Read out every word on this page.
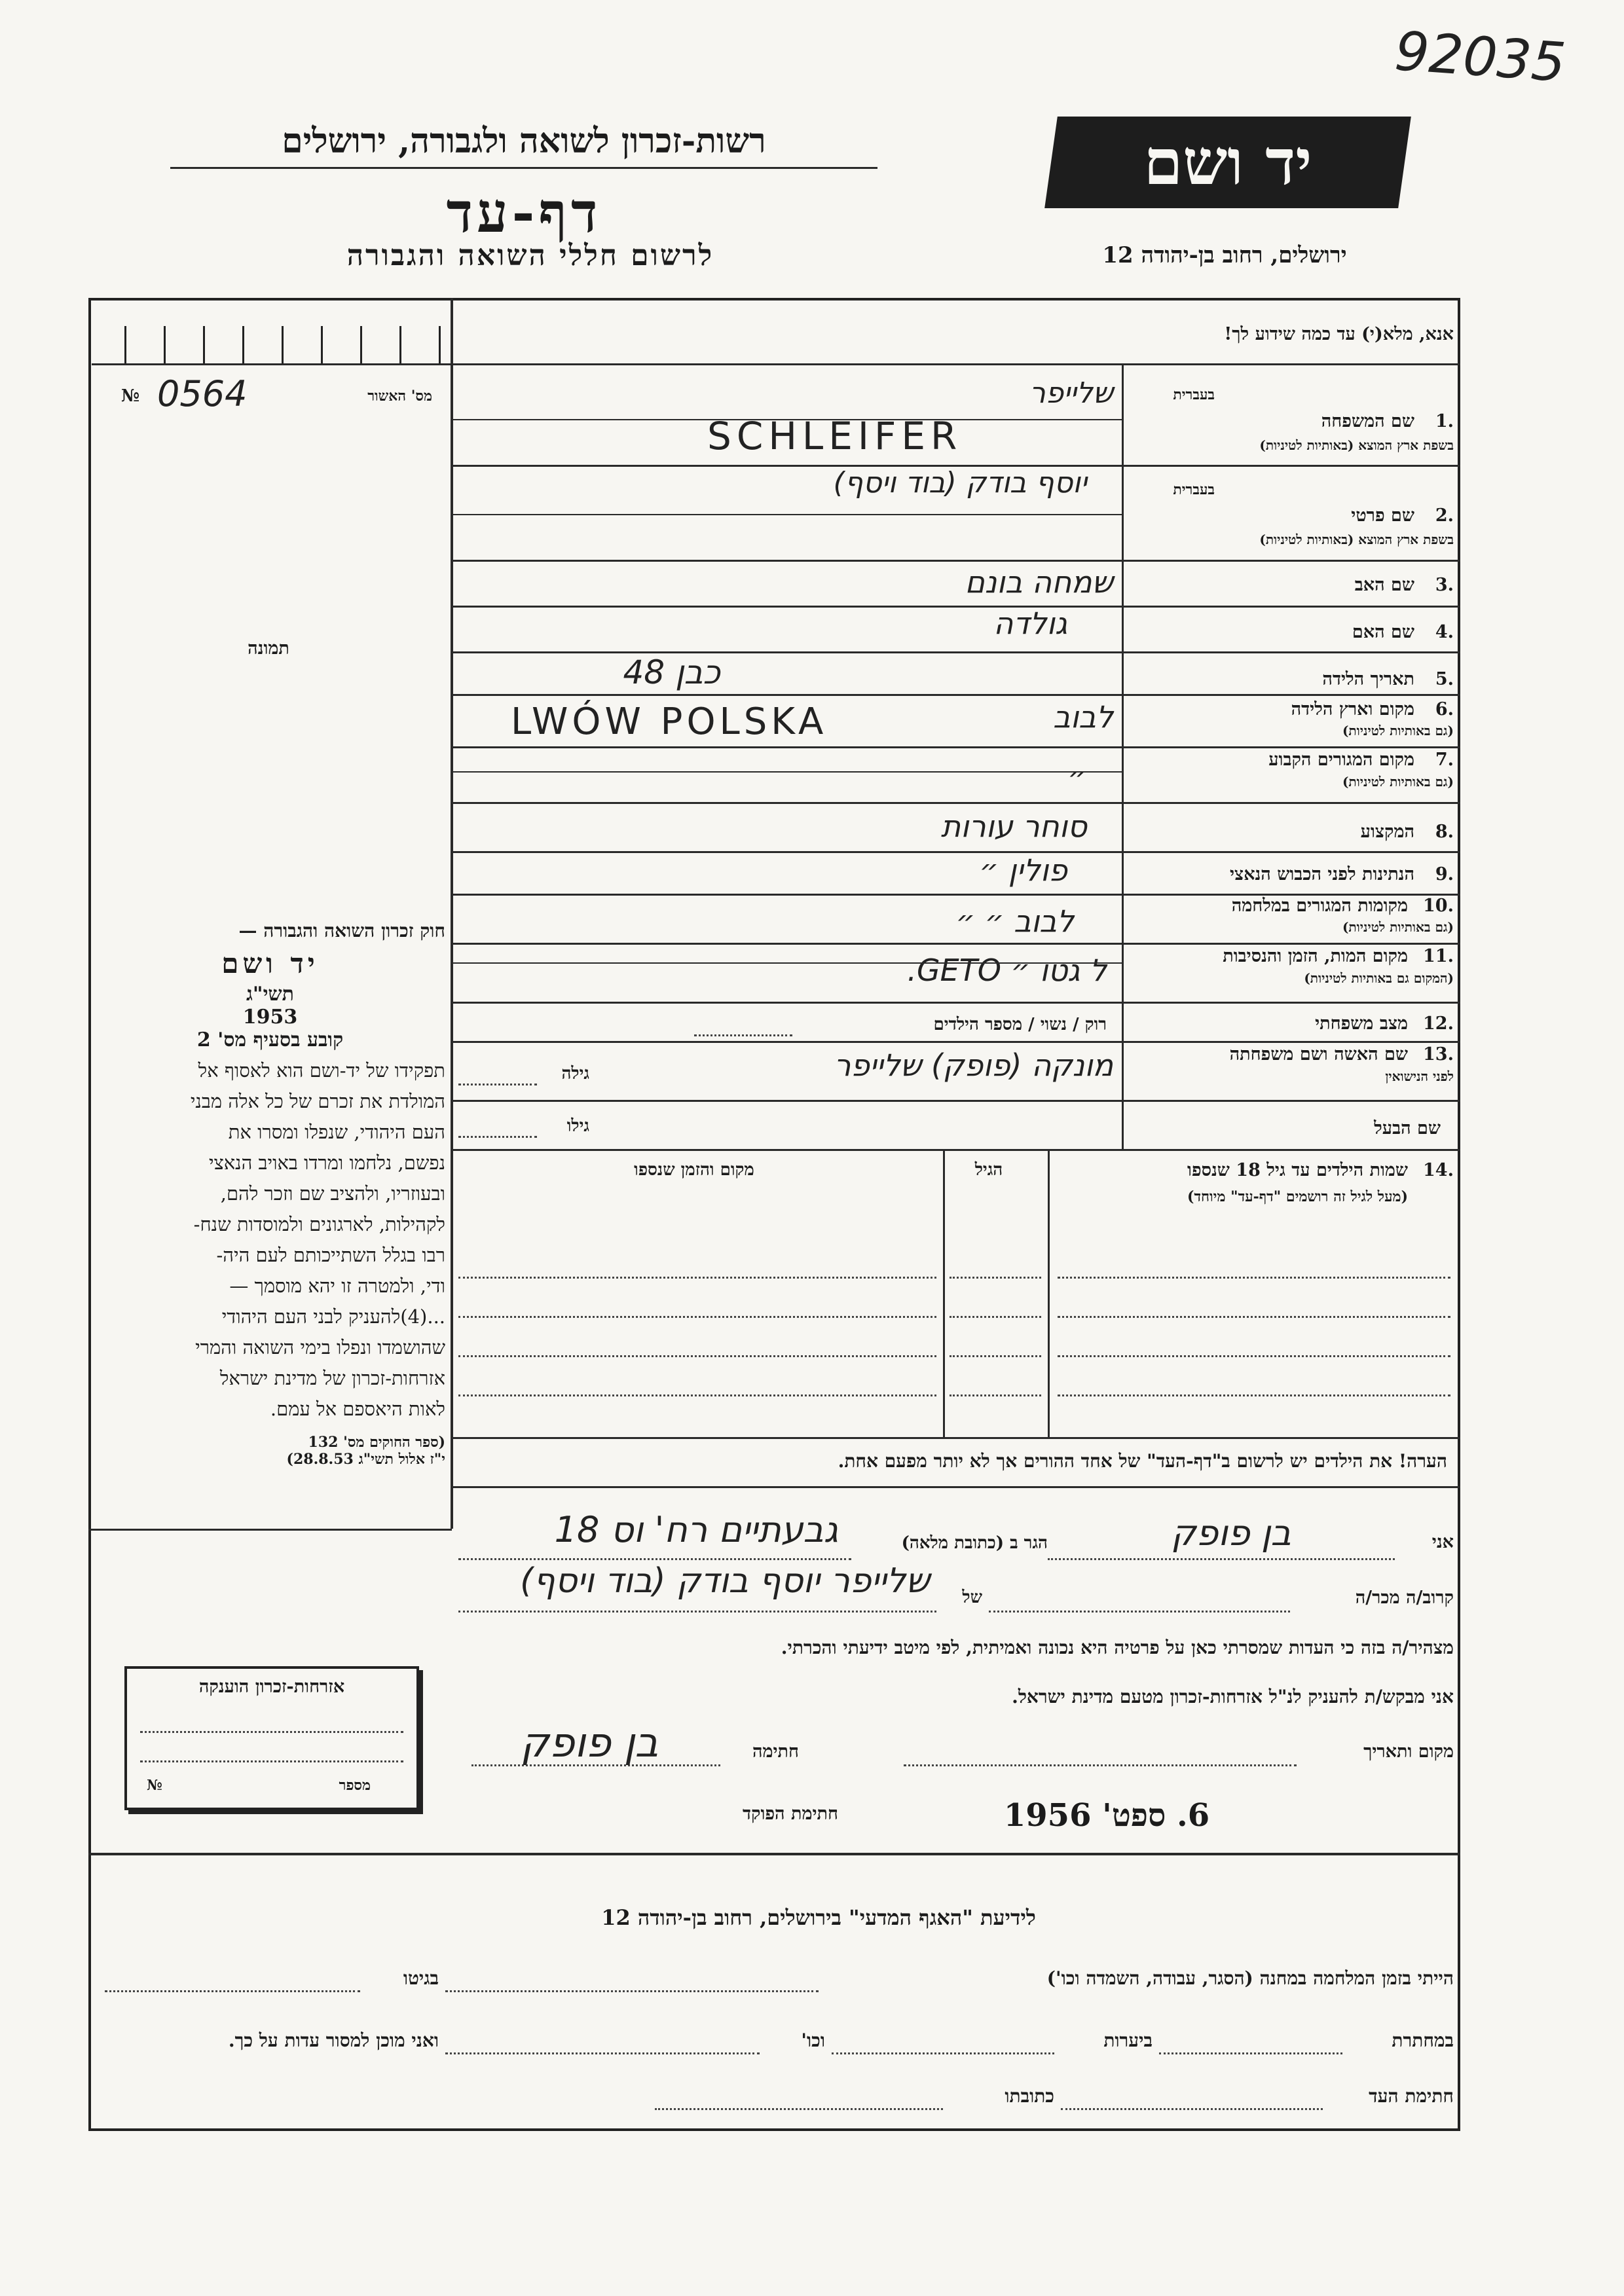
92035
רשות-זכרון לשואה ולגבורה, ירושלים
דף-עד
לרשום חללי השואה והגבורה
יד ושם
ירושלים, רחוב בן-יהודה 12
אנא, מלא(י) עד כמה שידוע לך!
№ 0564	מס' האשור
תמונה
בעברית
1.
שם המשפחה
בשפת ארץ המוצא (באותיות לטיניות)
שלייפר
SCHLEIFER
בעברית
2.
שם פרטי
בשפת ארץ המוצא (באותיות לטיניות)
יוסף בודק (בוד ויסף)
3.
שם האב
שמחה בונם
4.
שם האם
גולדה
5.
תאריך הלידה
כבן 48
6.
מקום וארץ הלידה
(גם באותיות לטיניות)
לבוב
LWÓW POLSKA
7.
מקום המגורים הקבוע
(גם באותיות לטיניות)
״
8.
המקצוע
סוחר עורות
9.
הנתינות לפני הכבוש הנאצי
פולין ״
10.
מקומות המגורים במלחמה
(גם באותיות לטיניות)
לבוב ״ ״
11.
מקום המות, הזמן והנסיבות
(המקום גם באותיות לטיניות)
ל גטו ״ GETO.
12.
מצב משפחתי
רוק / נשוי / מספר הילדים
13.
שם האשה ושם משפחתה
לפני הנישואין
מונקה (פופק) שלייפר
גילה
שם הבעל
גילו
14.
שמות הילדים עד גיל 18 שנספו
(מעל לגיל זה רושמים "דף-עד" מיוחד)
הגיל
מקום והזמן שנספו
הערה! את הילדים יש לרשום ב"דף-העד" של אחד ההורים אך לא יותר מפעם אחת.
חוק זכרון השואה והגבורה —
יד ושם
תשי"ג
1953
קובע בסעיף מס' 2
תפקידו של יד-ושם הוא לאסוף אל
המולדת את זכרם של כל אלה מבני
העם היהודי, שנפלו ומסרו את
נפשם, נלחמו ומרדו באויב הנאצי
ובעוזריו, ולהציב שם וזכר להם,
לקהילות, לארגונים ולמוסדות שנח-
רבו בגלל השתייכותם לעם היה-
ודי, ולמטרה זו יהא מוסמך —
...(4)להעניק לבני העם היהודי
שהושמדו ונפלו בימי השואה והמרי
אזרחות-זכרון של מדינת ישראל
לאות היאספם אל עמם.
(ספר החוקים מס' 132
י"ז אלול תשי"ג 28.8.53)
אני
בן פופק
הגר ב (כתובת מלאה)
גבעתיים רח' וס 18
קרוב/ה מכר/ה
של
שלייפר יוסף בודק (בוד ויסף)
מצהיר/ה בזה כי העדות שמסרתי כאן על פרטיה היא נכונה ואמיתית, לפי מיטב ידיעתי והכרתי.
אני מבקש/ת להעניק לנ"ל אזרחות-זכרון מטעם מדינת ישראל.
מקום ותאריך
חתימה
בן פופק
חתימת הפוקד	6. ספט' 1956
אזרחות-זכרון הוענקה
מספר
№
לידיעת "האגף המדעי" בירושלים, רחוב בן-יהודה 12
הייתי בזמן המלחמה במחנה (הסגר, עבודה, השמדה וכו')
בגיטו
במחתרת
ביערות
וכו'
ואני מוכן למסור עדות על כך.
חתימת העד
כתובתו
